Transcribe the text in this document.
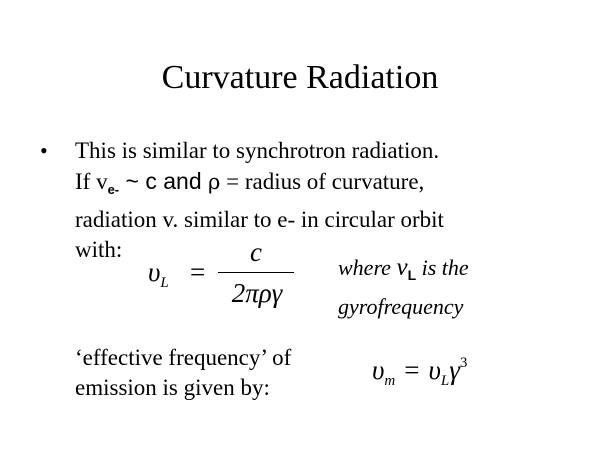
Curvature Radiation
• This is similar to synchrotron radiation.
If $v_{e-}$ ~ c and ρ = radius of curvature,
radiation v. similar to e- in circular orbit
with:
$\upsilon_L$ =
c
2πργ
where $\nu_L$ is the
gyrofrequency
‘effective frequency’ of
emission is given by:
$\upsilon_m = \upsilon_L\gamma^3$
